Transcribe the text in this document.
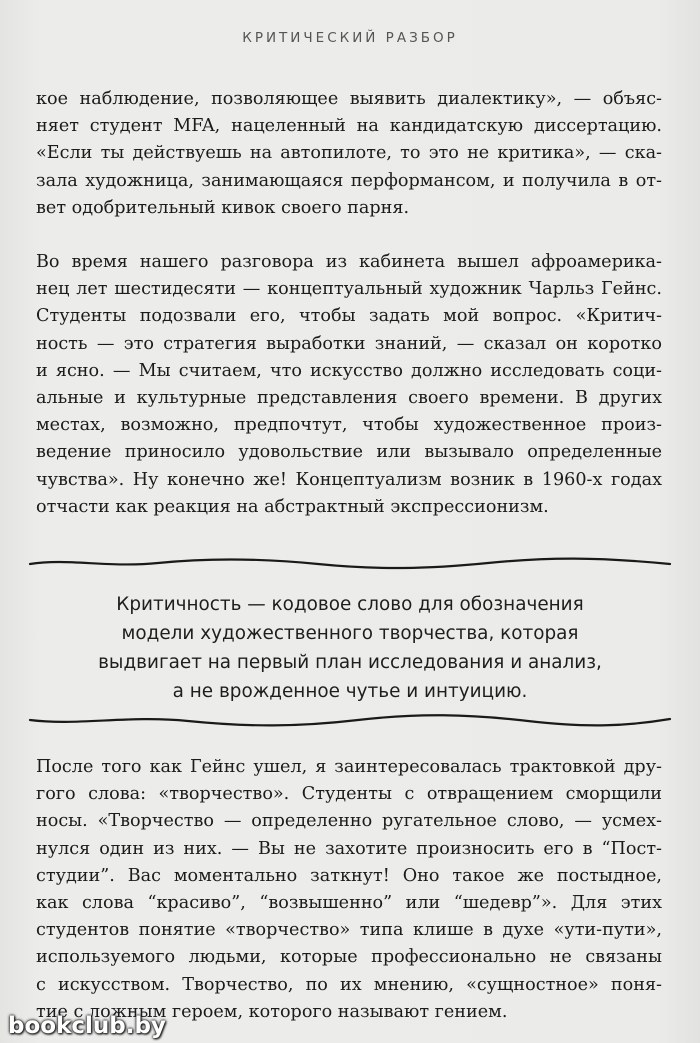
КРИТИЧЕСКИЙ РАЗБОР

кое наблюдение, позволяющее выявить диалектику», — объяс-
няет студент MFA, нацеленный на кандидатскую диссертацию.
«Если ты действуешь на автопилоте, то это не критика», — ска-
зала художница, занимающаяся перформансом, и получила в от-
вет одобрительный кивок своего парня.

Во время нашего разговора из кабинета вышел афроамерика-
нец лет шестидесяти — концептуальный художник Чарльз Гейнс.
Студенты подозвали его, чтобы задать мой вопрос. «Критич-
ность — это стратегия выработки знаний, — сказал он коротко
и ясно. — Мы считаем, что искусство должно исследовать соци-
альные и культурные представления своего времени. В других
местах, возможно, предпочтут, чтобы художественное произ-
ведение приносило удовольствие или вызывало определенные
чувства». Ну конечно же! Концептуализм возник в 1960-х годах
отчасти как реакция на абстрактный экспрессионизм.

Критичность — кодовое слово для обозначения
модели художественного творчества, которая
выдвигает на первый план исследования и анализ,
а не врожденное чутье и интуицию.

После того как Гейнс ушел, я заинтересовалась трактовкой дру-
гого слова: «творчество». Студенты с отвращением сморщили
носы. «Творчество — определенно ругательное слово, — усмех-
нулся один из них. — Вы не захотите произносить его в “Пост-
студии”. Вас моментально заткнут! Оно такое же постыдное,
как слова “красиво”, “возвышенно” или “шедевр”». Для этих
студентов понятие «творчество» типа клише в духе «ути-пути»,
используемого людьми, которые профессионально не связаны
с искусством. Творчество, по их мнению, «сущностное» поня-
тие с ложным героем, которого называют гением.

bookclub.by
